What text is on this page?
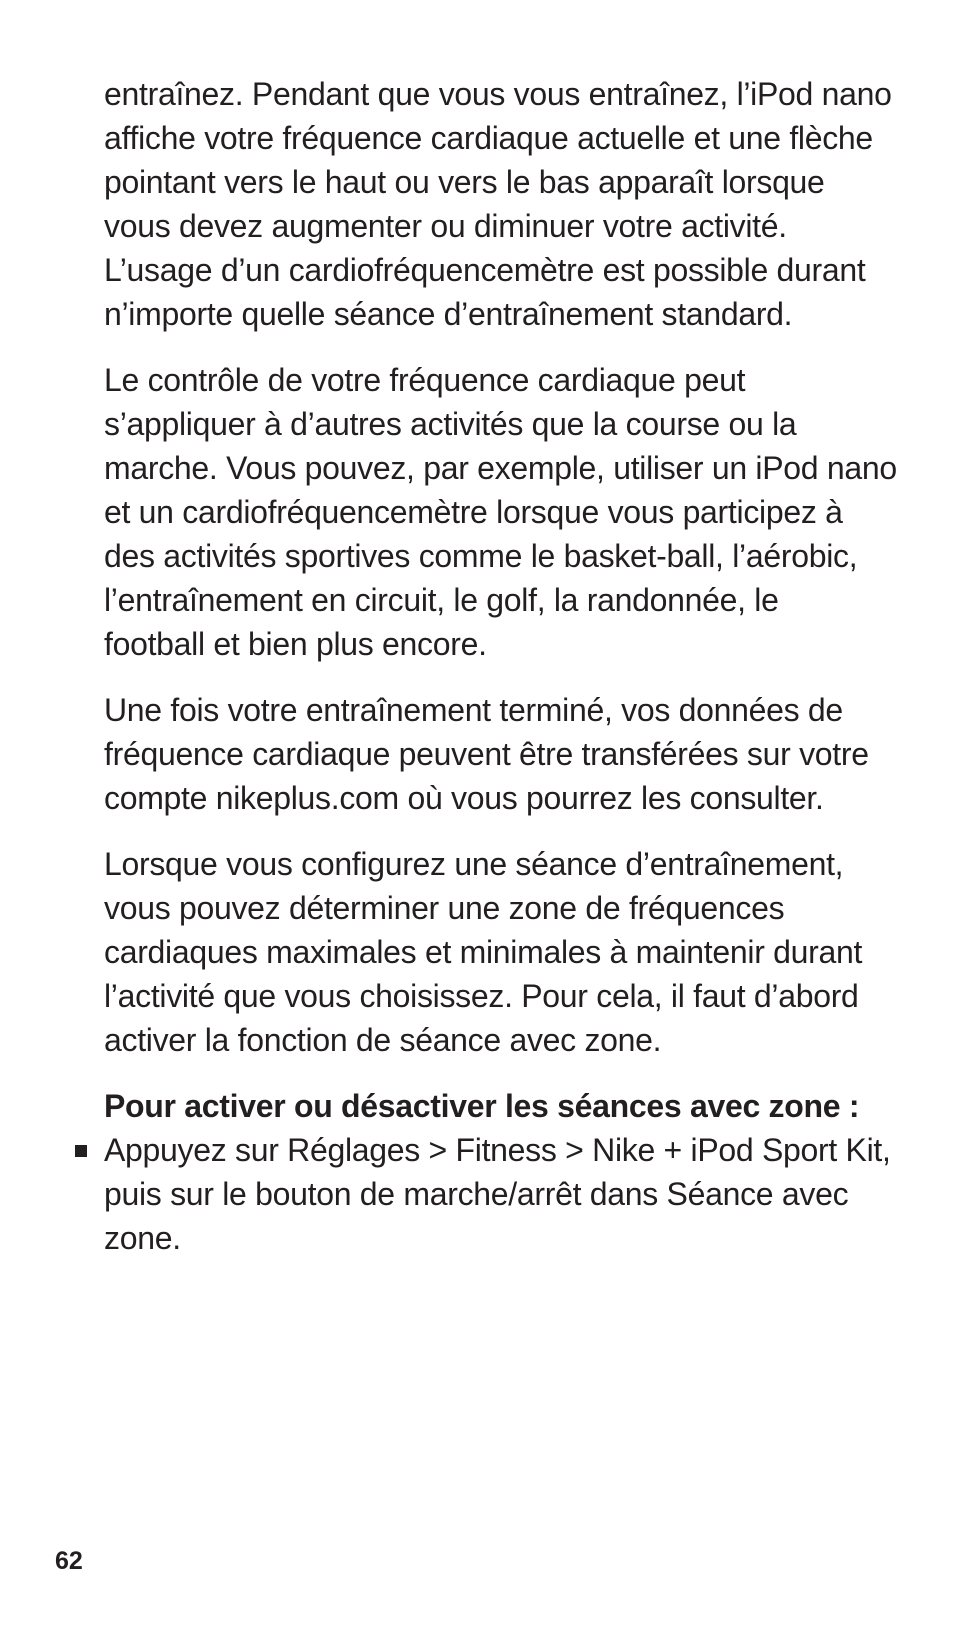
entraînez. Pendant que vous vous entraînez, l’iPod nano
affiche votre fréquence cardiaque actuelle et une flèche
pointant vers le haut ou vers le bas apparaît lorsque
vous devez augmenter ou diminuer votre activité.
L’usage d’un cardiofréquencemètre est possible durant
n’importe quelle séance d’entraînement standard.

Le contrôle de votre fréquence cardiaque peut
s’appliquer à d’autres activités que la course ou la
marche. Vous pouvez, par exemple, utiliser un iPod nano
et un cardiofréquencemètre lorsque vous participez à
des activités sportives comme le basket-ball, l’aérobic,
l’entraînement en circuit, le golf, la randonnée, le
football et bien plus encore.

Une fois votre entraînement terminé, vos données de
fréquence cardiaque peuvent être transférées sur votre
compte nikeplus.com où vous pourrez les consulter.

Lorsque vous configurez une séance d’entraînement,
vous pouvez déterminer une zone de fréquences
cardiaques maximales et minimales à maintenir durant
l’activité que vous choisissez. Pour cela, il faut d’abord
activer la fonction de séance avec zone.

Pour activer ou désactiver les séances avec zone :
Appuyez sur Réglages > Fitness > Nike + iPod Sport Kit,
puis sur le bouton de marche/arrêt dans Séance avec
zone.
62
